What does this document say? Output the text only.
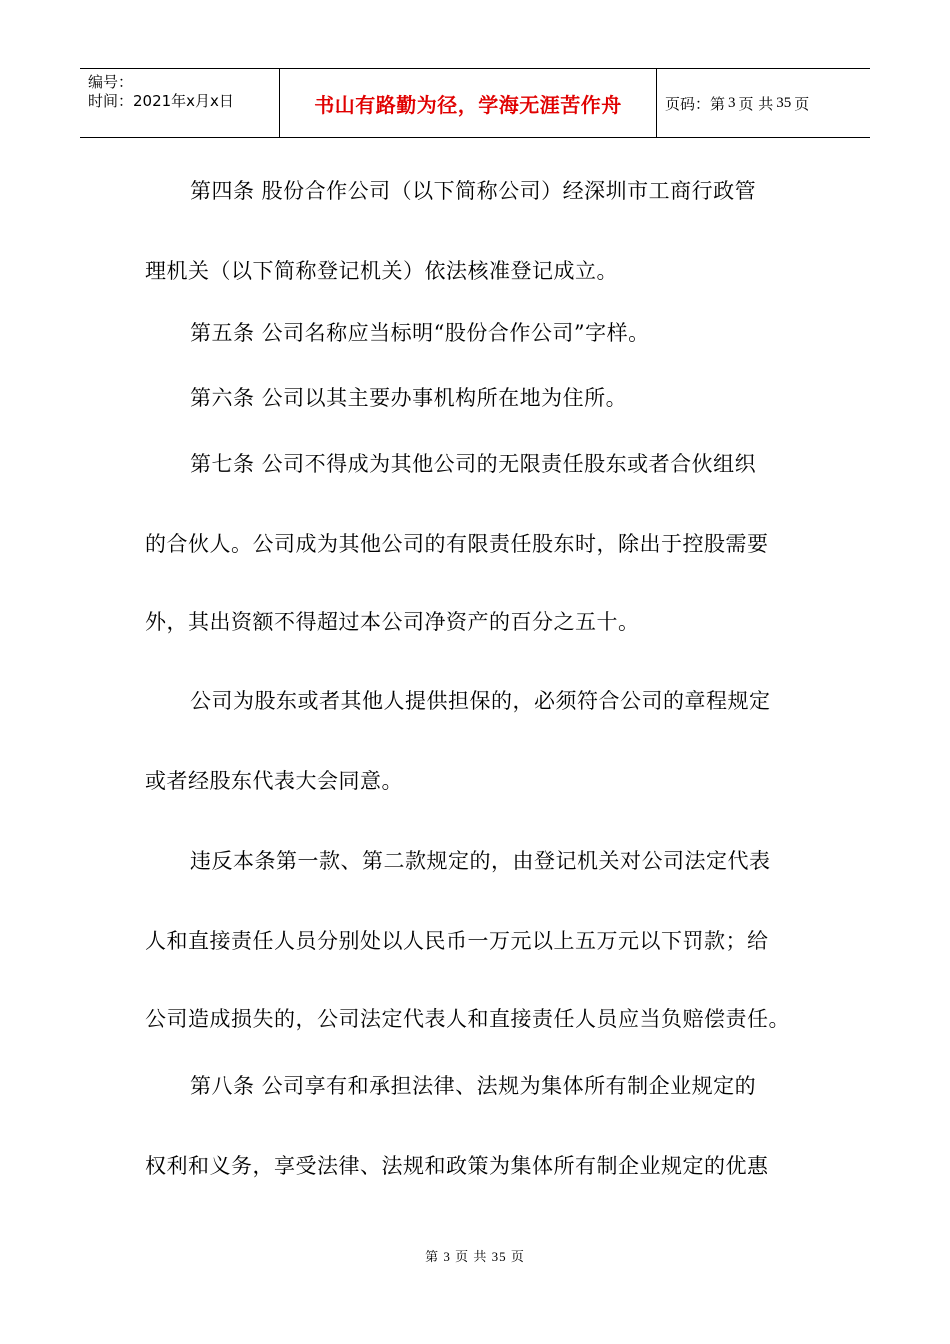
编号：
时间：2021年x月x日	书山有路勤为径，学海无涯苦作舟	页码：第 3 页 共 35 页
第四条 股份合作公司（以下简称公司）经深圳市工商行政管
理机关（以下简称登记机关）依法核准登记成立。
第五条 公司名称应当标明“股份合作公司”字样。
第六条 公司以其主要办事机构所在地为住所。
第七条 公司不得成为其他公司的无限责任股东或者合伙组织
的合伙人。公司成为其他公司的有限责任股东时，除出于控股需要
外，其出资额不得超过本公司净资产的百分之五十。
公司为股东或者其他人提供担保的，必须符合公司的章程规定
或者经股东代表大会同意。
违反本条第一款、第二款规定的，由登记机关对公司法定代表
人和直接责任人员分别处以人民币一万元以上五万元以下罚款；给
公司造成损失的，公司法定代表人和直接责任人员应当负赔偿责任。
第八条 公司享有和承担法律、法规为集体所有制企业规定的
权利和义务，享受法律、法规和政策为集体所有制企业规定的优惠
第 3 页 共 35 页
